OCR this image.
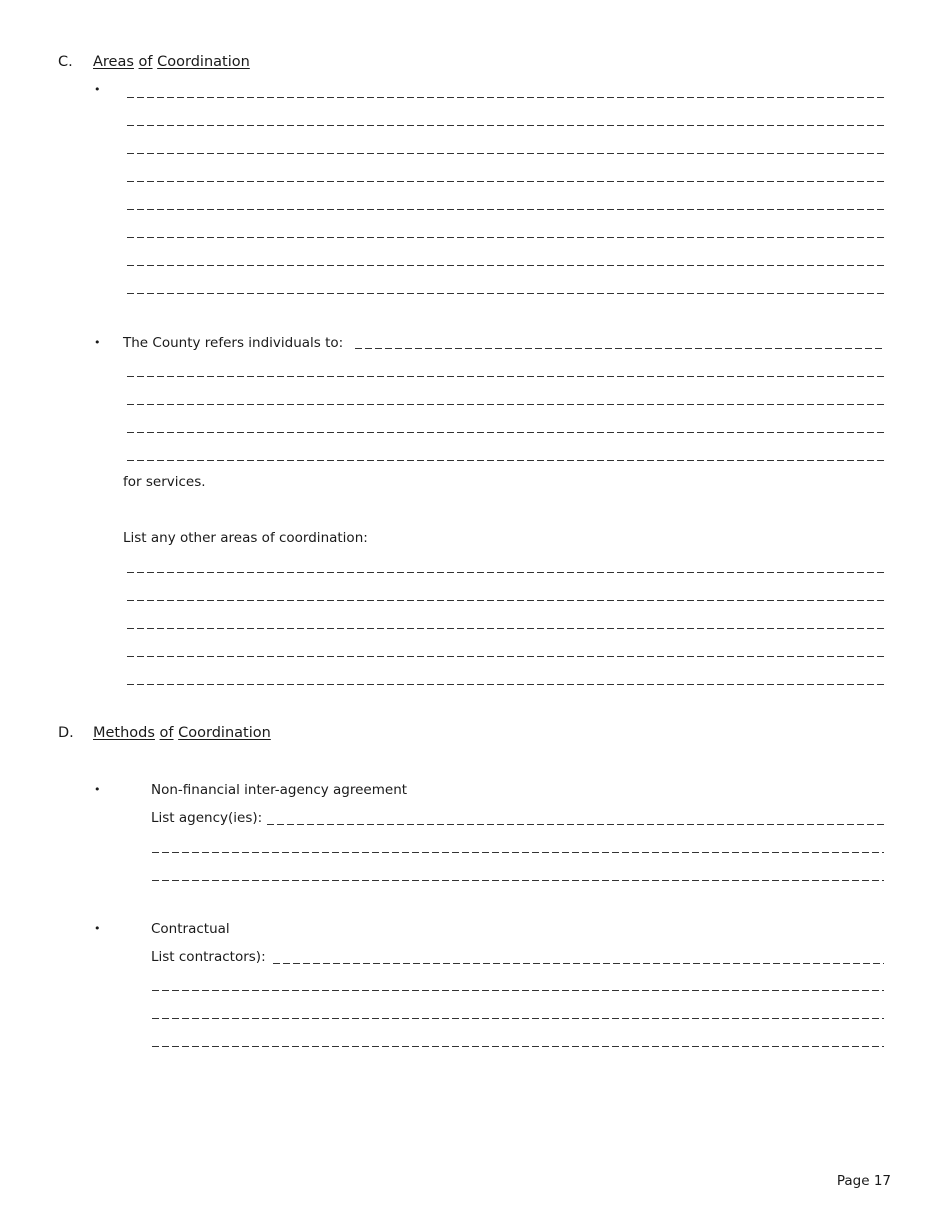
C. Areas of Coordination
•
• The County refers individuals to:
for services.
List any other areas of coordination:
D. Methods of Coordination
•	Non-financial inter-agency agreement
List agency(ies):
•	Contractual
List contractors):
Page 17
